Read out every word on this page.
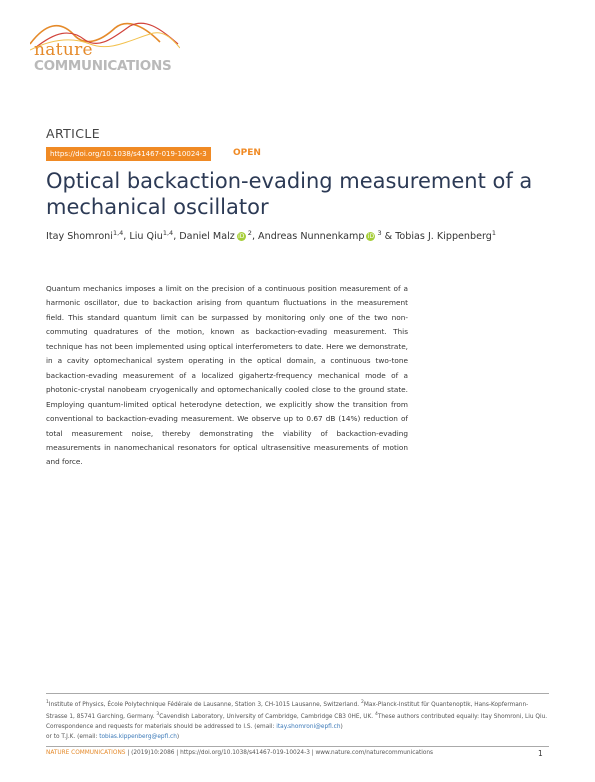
nature
COMMUNICATIONS
ARTICLE
https://doi.org/10.1038/s41467-019-10024-3	OPEN
Optical backaction-evading measurement of a mechanical oscillator
Itay Shomroni$^{1,4}$, Liu Qiu$^{1,4}$, Daniel Malz iD $^2$, Andreas Nunnenkamp iD $^3$ & Tobias J. Kippenberg$^1$
Quantum mechanics imposes a limit on the precision of a continuous position measurement of a harmonic oscillator, due to backaction arising from quantum fluctuations in the measurement field. This standard quantum limit can be surpassed by monitoring only one of the two non-commuting quadratures of the motion, known as backaction-evading measurement. This technique has not been implemented using optical interferometers to date. Here we demonstrate, in a cavity optomechanical system operating in the optical domain, a continuous two-tone backaction-evading measurement of a localized gigahertz-frequency mechanical mode of a photonic-crystal nanobeam cryogenically and optomechanically cooled close to the ground state. Employing quantum-limited optical heterodyne detection, we explicitly show the transition from conventional to backaction-evading measurement. We observe up to 0.67 dB (14%) reduction of total measurement noise, thereby demonstrating the viability of backaction-evading measurements in nanomechanical resonators for optical ultrasensitive measurements of motion and force.
$^1$Institute of Physics, École Polytechnique Fédérale de Lausanne, Station 3, CH-1015 Lausanne, Switzerland. $^2$Max-Planck-Institut für Quantenoptik, Hans-Kopfermann-Strasse 1, 85741 Garching, Germany. $^3$Cavendish Laboratory, University of Cambridge, Cambridge CB3 0HE, UK. $^4$These authors contributed equally: Itay Shomroni, Liu Qiu. Correspondence and requests for materials should be addressed to I.S. (email: itay.shomroni@epfl.ch)
or to T.J.K. (email: tobias.kippenberg@epfl.ch)
NATURE COMMUNICATIONS | (2019)10:2086 | https://doi.org/10.1038/s41467-019-10024-3 | www.nature.com/naturecommunications	1
